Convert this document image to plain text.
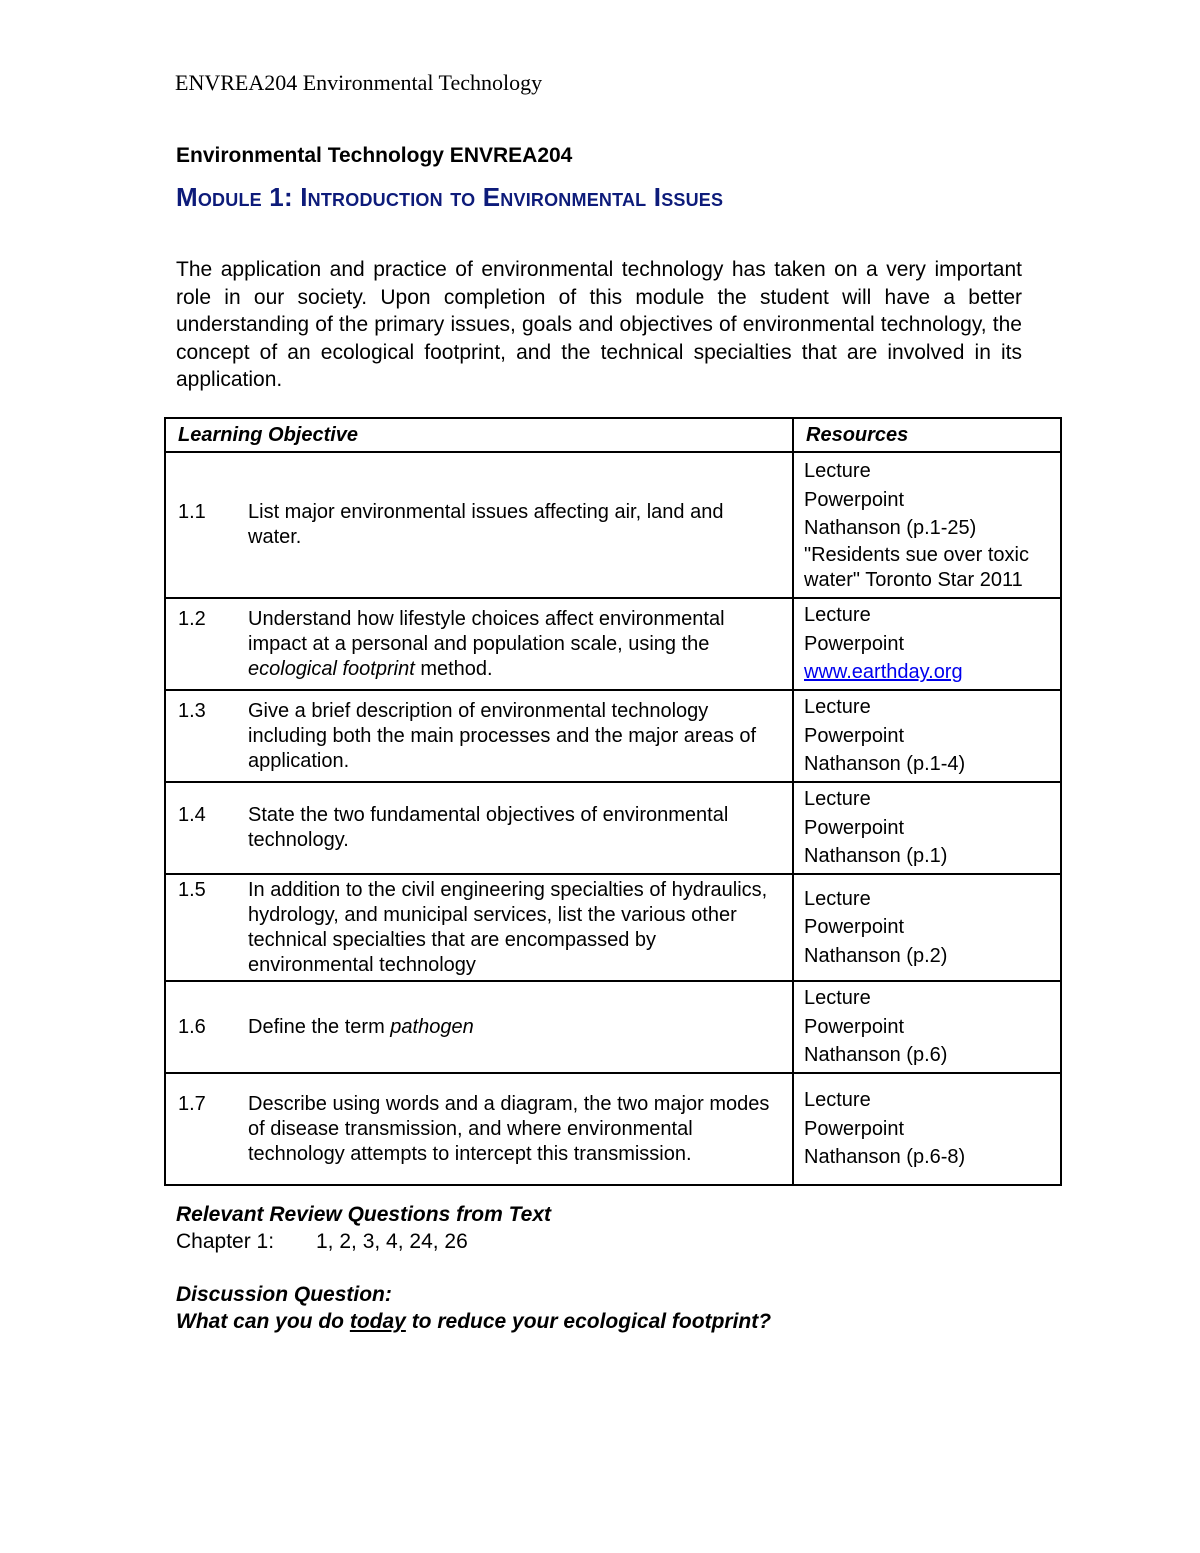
ENVREA204 Environmental Technology
Environmental Technology ENVREA204
Module 1: Introduction to Environmental Issues
The application and practice of environmental technology has taken on a very important role in our society. Upon completion of this module the student will have a better understanding of the primary issues, goals and objectives of environmental technology, the concept of an ecological footprint, and the technical specialties that are involved in its application.
Learning Objective	Resources

1.1 List major environmental issues affecting air, land and water.	Lecture
Powerpoint
Nathanson (p.1-25)
"Residents sue over toxic water" Toronto Star 2011

1.2 Understand how lifestyle choices affect environmental impact at a personal and population scale, using the ecological footprint method.	Lecture
Powerpoint
www.earthday.org

1.3 Give a brief description of environmental technology including both the main processes and the major areas of application.	Lecture
Powerpoint
Nathanson (p.1-4)

1.4 State the two fundamental objectives of environmental technology.	Lecture
Powerpoint
Nathanson (p.1)

1.5 In addition to the civil engineering specialties of hydraulics, hydrology, and municipal services, list the various other technical specialties that are encompassed by environmental technology	Lecture
Powerpoint
Nathanson (p.2)

1.6 Define the term pathogen	Lecture
Powerpoint
Nathanson (p.6)

1.7 Describe using words and a diagram, the two major modes of disease transmission, and where environmental technology attempts to intercept this transmission.	Lecture
Powerpoint
Nathanson (p.6-8)
Relevant Review Questions from Text
Chapter 1: 1, 2, 3, 4, 24, 26
Discussion Question:
What can you do today to reduce your ecological footprint?
